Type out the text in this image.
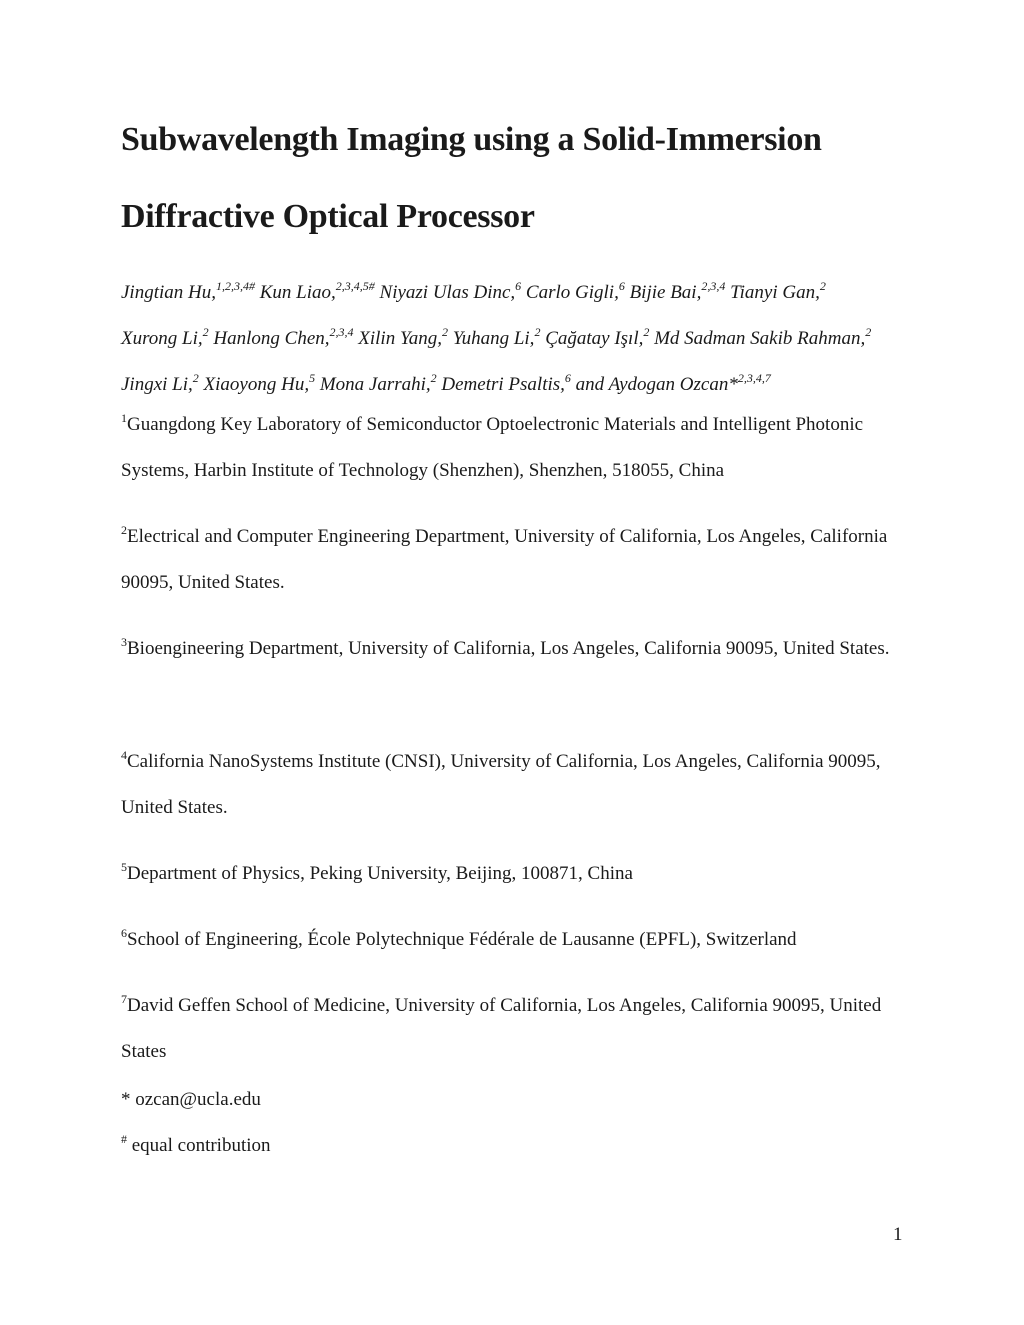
Subwavelength Imaging using a Solid-Immersion
Diffractive Optical Processor
Jingtian Hu,$^{1,2,3,4\#}$ Kun Liao,$^{2,3,4,5\#}$ Niyazi Ulas Dinc,$^6$ Carlo Gigli,$^6$ Bijie Bai,$^{2,3,4}$ Tianyi Gan,$^2$
Xurong Li,$^2$ Hanlong Chen,$^{2,3,4}$ Xilin Yang,$^2$ Yuhang Li,$^2$ Çağatay Işıl,$^2$ Md Sadman Sakib Rahman,$^2$ Jingxi Li,$^2$ Xiaoyong Hu,$^5$ Mona Jarrahi,$^2$ Demetri Psaltis,$^6$ and Aydogan Ozcan*$^{2,3,4,7}$
$^1$Guangdong Key Laboratory of Semiconductor Optoelectronic Materials and Intelligent Photonic Systems, Harbin Institute of Technology (Shenzhen), Shenzhen, 518055, China
$^2$Electrical and Computer Engineering Department, University of California, Los Angeles, California 90095, United States.
$^3$Bioengineering Department, University of California, Los Angeles, California 90095, United States.
$^4$California NanoSystems Institute (CNSI), University of California, Los Angeles, California 90095, United States.
$^5$Department of Physics, Peking University, Beijing, 100871, China
$^6$School of Engineering, École Polytechnique Fédérale de Lausanne (EPFL), Switzerland
$^7$David Geffen School of Medicine, University of California, Los Angeles, California 90095, United States
* ozcan@ucla.edu
# equal contribution
1
